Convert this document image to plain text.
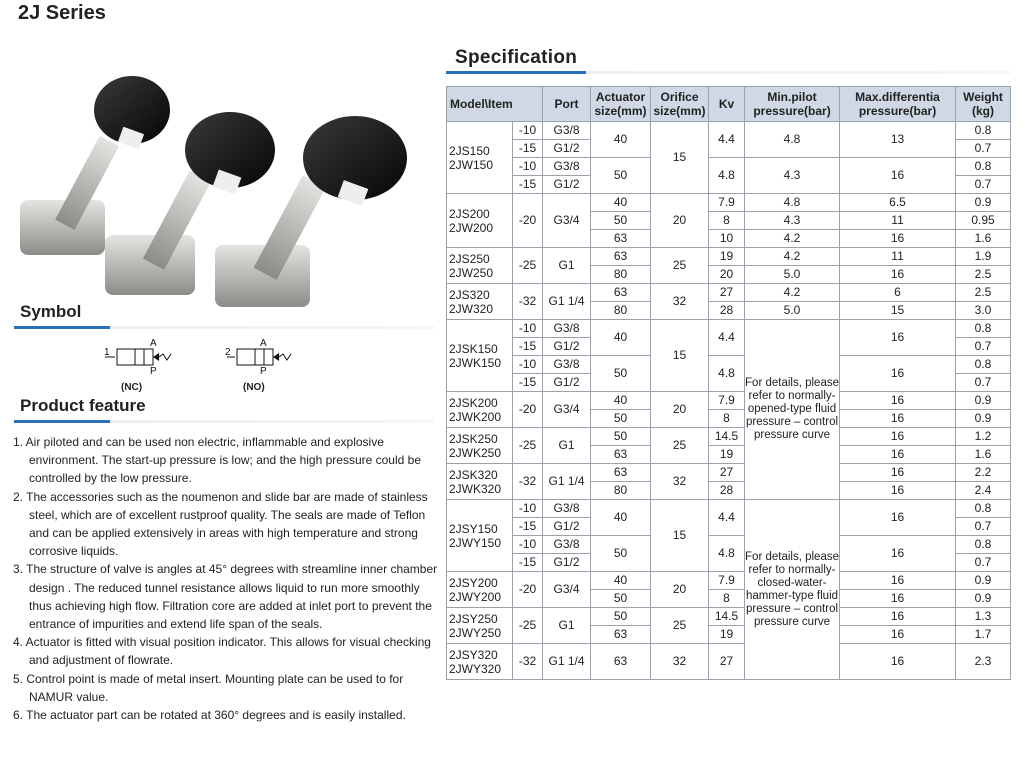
2J Series
Symbol
1
A
P
2
A
P
(NC)	(NO)
Product feature
1. Air piloted and can be used non electric, inflammable and explosive environment. The start-up pressure is low; and the high pressure could be controlled by the low pressure.
2. The accessories such as the noumenon and slide bar are made of stainless steel, which are of excellent rustproof quality. The seals are made of Teflon and can be applied extensively in areas with high temperature and strong corrosive liquids.
3. The structure of valve is angles at 45° degrees with streamline inner chamber design . The reduced tunnel resistance allows liquid to run more smoothly thus achieving high flow. Filtration core are added at inlet port to prevent the entrance of impurities and extend life span of the seals.
4. Actuator is fitted with visual position indicator. This allows for visual checking and adjustment of flowrate.
5. Control point is made of metal insert. Mounting plate can be used to for NAMUR value.
6. The actuator part can be rotated at 360° degrees and is easily installed.
Specification
Model\Item		Port	Actuator size(mm)	Orifice size(mm)	Kv	Min.pilot pressure(bar)	Max.differentia pressure(bar)	Weight (kg)
2JS150 2JW150	-10	G3/8	40	15	4.4	4.8	13	0.8
	-15	G1/2						0.7
	-10	G3/8	50		4.8	4.3	16	0.8
	-15	G1/2						0.7
2JS200 2JW200	-20	G3/4	40	20	7.9	4.8	6.5	0.9
			50		8	4.3	11	0.95
			63		10	4.2	16	1.6
2JS250 2JW250	-25	G1	63	25	19	4.2	11	1.9
			80		20	5.0	16	2.5
2JS320 2JW320	-32	G1 1/4	63	32	27	4.2	6	2.5
			80		28	5.0	15	3.0
2JSK150 2JWK150	-10	G3/8	40	15	4.4	For details, please refer to normally-opened-type fluid pressure – control pressure curve	16	0.8
	-15	G1/2						0.7
	-10	G3/8	50		4.8		16	0.8
	-15	G1/2						0.7
2JSK200 2JWK200	-20	G3/4	40	20	7.9		16	0.9
			50		8		16	0.9
2JSK250 2JWK250	-25	G1	50	25	14.5		16	1.2
			63		19		16	1.6
2JSK320 2JWK320	-32	G1 1/4	63	32	27		16	2.2
			80		28		16	2.4
2JSY150 2JWY150	-10	G3/8	40	15	4.4	For details, please refer to normally-closed-water-hammer-type fluid pressure – control pressure curve	16	0.8
	-15	G1/2						0.7
	-10	G3/8	50		4.8		16	0.8
	-15	G1/2						0.7
2JSY200 2JWY200	-20	G3/4	40	20	7.9		16	0.9
			50		8		16	0.9
2JSY250 2JWY250	-25	G1	50	25	14.5		16	1.3
			63		19		16	1.7
2JSY320 2JWY320	-32	G1 1/4	63	32	27		16	2.3
